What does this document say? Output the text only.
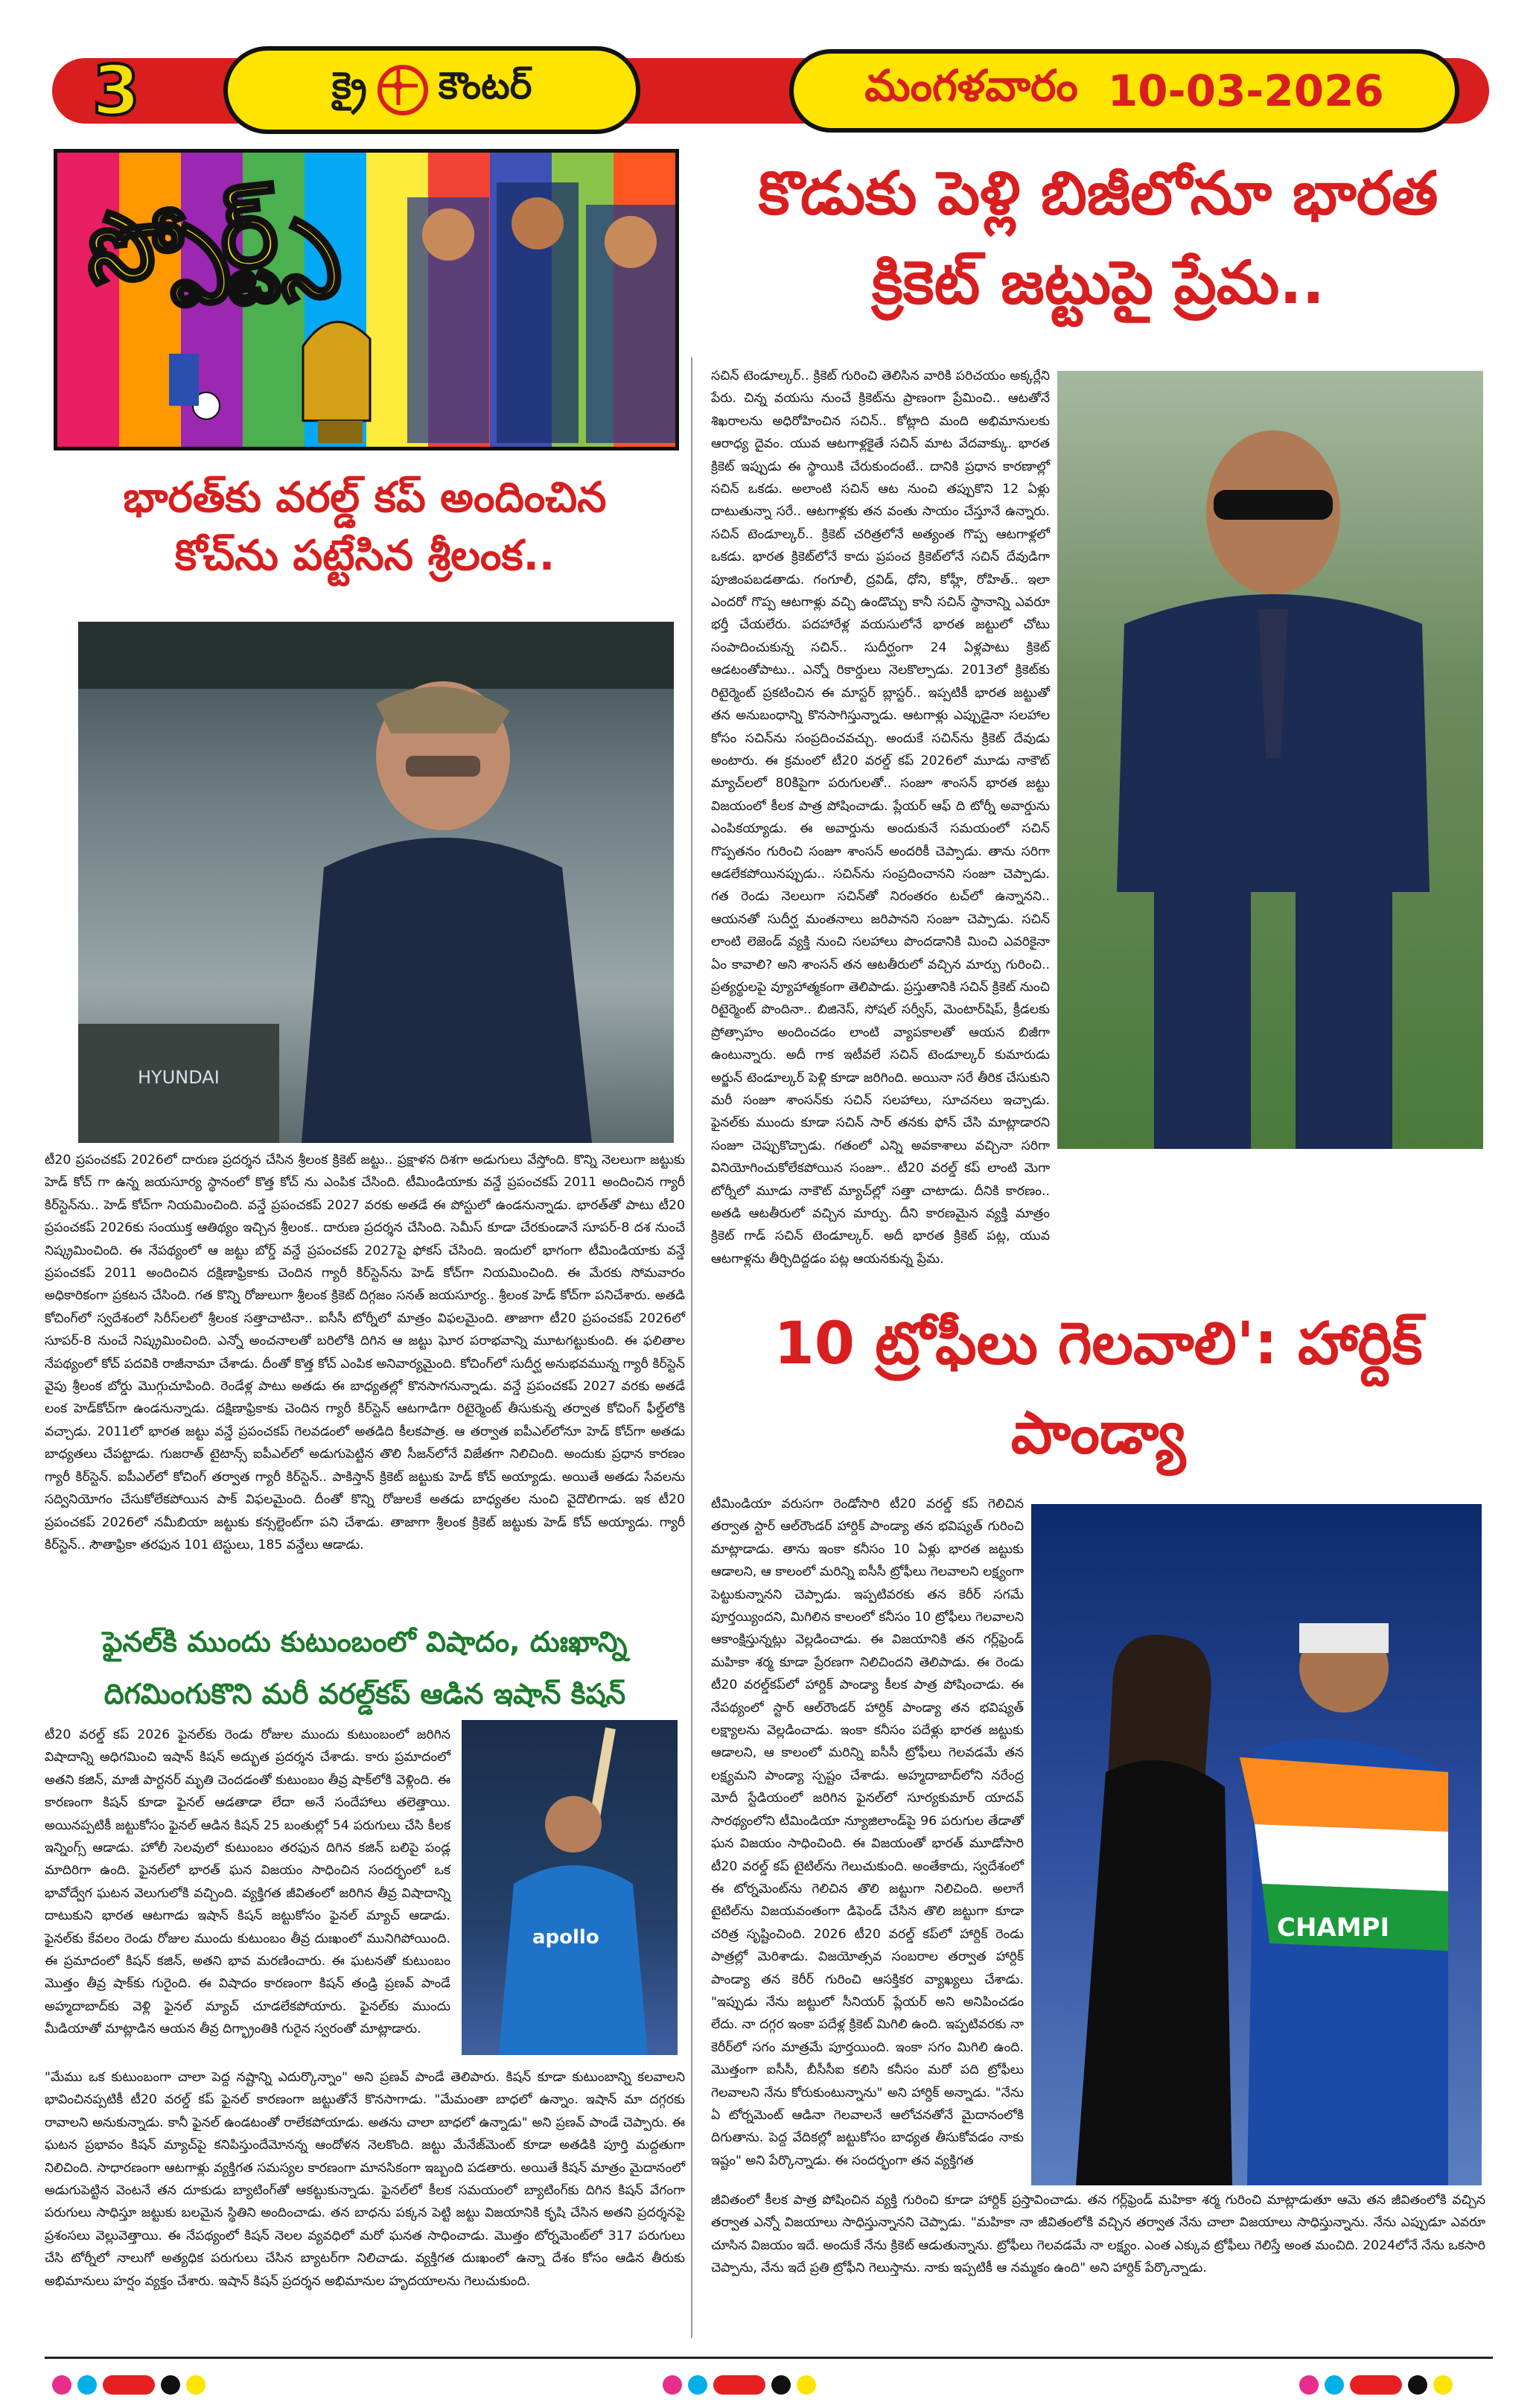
3	క్రై కౌంటర్	మంగళవారం 10-03-2026
స్పోర్ట్స్
భారత్‌కు వరల్డ్ కప్ అందించిన
కోచ్‌ను పట్టేసిన శ్రీలంక..
HYUNDAI

టీ20 ప్రపంచకప్ 2026లో దారుణ ప్రదర్శన చేసిన శ్రీలంక క్రికెట్ జట్టు.. ప్రక్షాళన దిశగా అడుగులు వేస్తోంది. కొన్ని నెలలుగా జట్టుకు హెడ్ కోచ్ గా ఉన్న జయసూర్య స్థానంలో కొత్త కోచ్ ను ఎంపిక చేసింది. టీమిండియాకు వన్డే ప్రపంచకప్ 2011 అందించిన గ్యారీ కిర్‌స్టెన్‌ను.. హెడ్ కోచ్‌గా నియమించింది. వన్డే ప్రపంచకప్ 2027 వరకు అతడే ఈ పోస్టులో ఉండనున్నాడు. భారత్‌తో పాటు టీ20 ప్రపంచకప్ 2026కు సంయుక్త ఆతిథ్యం ఇచ్చిన శ్రీలంక.. దారుణ ప్రదర్శన చేసింది. సెమీస్ కూడా చేరకుండానే సూపర్-8 దశ నుంచే నిష్క్రమించింది. ఈ నేపథ్యంలో ఆ జట్టు బోర్డ్ వన్డే ప్రపంచకప్ 2027పై ఫోకస్ చేసింది. ఇందులో భాగంగా టీమిండియాకు వన్డే ప్రపంచకప్ 2011 అందించిన దక్షిణాఫ్రికాకు చెందిన గ్యారీ కిర్‌స్టెన్‌ను హెడ్ కోచ్‌గా నియమించింది. ఈ మేరకు సోమవారం అధికారికంగా ప్రకటన చేసింది. గత కొన్ని రోజులుగా శ్రీలంక క్రికెట్ దిగ్గజం సనత్ జయసూర్య.. శ్రీలంక హెడ్ కోచ్‌గా పనిచేశారు. అతడి కోచింగ్‌లో స్వదేశంలో సిరీస్‌లలో శ్రీలంక సత్తాచాటినా.. ఐసీసీ టోర్నీలో మాత్రం విఫలమైంది. తాజాగా టీ20 ప్రపంచకప్ 2026లో సూపర్-8 నుంచే నిష్క్రమించింది. ఎన్నో అంచనాలతో బరిలోకి దిగిన ఆ జట్టు ఘోర పరాభవాన్ని మూటగట్టుకుంది. ఈ ఫలితాల నేపథ్యంలో కోచ్ పదవికి రాజీనామా చేశాడు. దీంతో కొత్త కోచ్ ఎంపిక అనివార్యమైంది. కోచింగ్‌లో సుదీర్ఘ అనుభవమున్న గ్యారీ కిర్‌స్టెన్ వైపు శ్రీలంక బోర్డు మొగ్గుచూపింది. రెండేళ్ల పాటు అతడు ఈ బాధ్యతల్లో కొనసాగనున్నాడు. వన్డే ప్రపంచకప్ 2027 వరకు అతడే లంక హెడ్‌కోచ్‌గా ఉండనున్నాడు. దక్షిణాఫ్రికాకు చెందిన గ్యారీ కిర్‌స్టెన్ ఆటగాడిగా రిటైర్మెంట్ తీసుకున్న తర్వాత కోచింగ్ ఫీల్డ్‌లోకి వచ్చాడు. 2011లో భారత జట్టు వన్డే ప్రపంచకప్ గెలవడంలో అతడిది కీలకపాత్ర. ఆ తర్వాత ఐపీఎల్‌లోనూ హెడ్ కోచ్‌గా అతడు బాధ్యతలు చేపట్టాడు. గుజరాత్ టైటాన్స్ ఐపీఎల్‌లో అడుగుపెట్టిన తొలి సీజన్‌లోనే విజేతగా నిలిచింది. అందుకు ప్రధాన కారణం గ్యారీ కిర్‌స్టెన్. ఐపీఎల్‌లో కోచింగ్ తర్వాత గ్యారీ కిర్‌స్టెన్.. పాకిస్తాన్ క్రికెట్ జట్టుకు హెడ్ కోచ్ అయ్యాడు. అయితే అతడు సేవలను సద్వినియోగం చేసుకోలేకపోయిన పాక్ విఫలమైంది. దీంతో కొన్ని రోజులకే అతడు బాధ్యతల నుంచి వైదొలిగాడు. ఇక టీ20 ప్రపంచకప్ 2026లో నమీబియా జట్టుకు కన్సల్టెంట్‌గా పని చేశాడు. తాజాగా శ్రీలంక క్రికెట్ జట్టుకు హెడ్ కోచ్ అయ్యాడు. గ్యారీ కిర్‌స్టెన్.. సౌతాఫ్రికా తరఫున 101 టెస్టులు, 185 వన్డేలు ఆడాడు.

ఫైనల్‌కి ముందు కుటుంబంలో విషాదం, దుఃఖాన్ని
దిగమింగుకొని మరీ వరల్డ్‌కప్ ఆడిన ఇషాన్ కిషన్
apollo

టీ20 వరల్డ్ కప్ 2026 ఫైనల్‌కు రెండు రోజుల ముందు కుటుంబంలో జరిగిన విషాదాన్ని అధిగమించి ఇషాన్ కిషన్ అద్భుత ప్రదర్శన చేశాడు. కారు ప్రమాదంలో అతని కజిన్, మాజీ పార్టనర్ మృతి చెందడంతో కుటుంబం తీవ్ర షాక్‌లోకి వెళ్లింది. ఈ కారణంగా కిషన్ కూడా ఫైనల్ ఆడతాడా లేదా అనే సందేహాలు తలెత్తాయి. అయినప్పటికీ జట్టుకోసం ఫైనల్ ఆడిన కిషన్ 25 బంతుల్లో 54 పరుగులు చేసి కీలక ఇన్నింగ్స్ ఆడాడు. హోలీ సెలవులో కుటుంబం తరఫున దిగిన కజిన్ బలిపై పండ్ల మాదిరిగా ఉంది. ఫైనల్‌లో భారత్ ఘన విజయం సాధించిన సందర్భంలో ఒక భావోద్వేగ ఘటన వెలుగులోకి వచ్చింది. వ్యక్తిగత జీవితంలో జరిగిన తీవ్ర విషాదాన్ని దాటుకుని భారత ఆటగాడు ఇషాన్ కిషన్ జట్టుకోసం ఫైనల్ మ్యాచ్ ఆడాడు. ఫైనల్‌కు కేవలం రెండు రోజుల ముందు కుటుంబం తీవ్ర దుఃఖంలో మునిగిపోయింది. ఈ ప్రమాదంలో కిషన్ కజిన్, అతని భావ మరణించారు. ఈ ఘటనతో కుటుంబం మొత్తం తీవ్ర షాక్‌కు గురైంది. ఈ విషాదం కారణంగా కిషన్ తండ్రి ప్రణవ్ పాండే అహ్మదాబాద్‌కు వెళ్లి ఫైనల్ మ్యాచ్ చూడలేకపోయారు. ఫైనల్‌కు ముందు మీడియాతో మాట్లాడిన ఆయన తీవ్ర దిగ్భ్రాంతికి గురైన స్వరంతో మాట్లాడారు.

"మేము ఒక కుటుంబంగా చాలా పెద్ద నష్టాన్ని ఎదుర్కొన్నాం" అని ప్రణవ్ పాండే తెలిపారు. కిషన్ కూడా కుటుంబాన్ని కలవాలని భావించినప్పటికీ టీ20 వరల్డ్ కప్ ఫైనల్ కారణంగా జట్టుతోనే కొనసాగాడు. "మేమంతా బాధలో ఉన్నాం. ఇషాన్ మా దగ్గరకు రావాలని అనుకున్నాడు. కానీ ఫైనల్ ఉండటంతో రాలేకపోయాడు. అతను చాలా బాధలో ఉన్నాడు" అని ప్రణవ్ పాండే చెప్పారు. ఈ ఘటన ప్రభావం కిషన్ మ్యాచ్‌పై కనిపిస్తుందేమోనన్న ఆందోళన నెలకొంది. జట్టు మేనేజ్‌మెంట్ కూడా అతడికి పూర్తి మద్దతుగా నిలిచింది. సాధారణంగా ఆటగాళ్లు వ్యక్తిగత సమస్యల కారణంగా మానసికంగా ఇబ్బంది పడతారు. అయితే కిషన్ మాత్రం మైదానంలో అడుగుపెట్టిన వెంటనే తన దూకుడు బ్యాటింగ్‌తో ఆకట్టుకున్నాడు. ఫైనల్‌లో కీలక సమయంలో బ్యాటింగ్‌కు దిగిన కిషన్ వేగంగా పరుగులు సాధిస్తూ జట్టుకు బలమైన స్థితిని అందించాడు. తన బాధను పక్కన పెట్టి జట్టు విజయానికి కృషి చేసిన అతని ప్రదర్శనపై ప్రశంసలు వెల్లువెత్తాయి. ఈ నేపథ్యంలో కిషన్ నెలల వ్యవధిలో మరో ఘనత సాధించాడు. మెుత్తం టోర్నమెంట్‌లో 317 పరుగులు చేసి టోర్నీలో నాలుగో అత్యధిక పరుగులు చేసిన బ్యాటర్‌గా నిలిచాడు. వ్యక్తిగత దుఃఖంలో ఉన్నా దేశం కోసం ఆడిన తీరుకు అభిమానులు హర్షం వ్యక్తం చేశారు. ఇషాన్ కిషన్ ప్రదర్శన అభిమానుల హృదయాలను గెలుచుకుంది.

కొడుకు పెళ్లి బిజీలోనూ భారత
క్రికెట్ జట్టుపై ప్రేమ..

సచిన్ టెండూల్కర్.. క్రికెట్ గురించి తెలిసిన వారికి పరిచయం అక్కర్లేని పేరు. చిన్న వయసు నుంచే క్రికెట్‌ను ప్రాణంగా ప్రేమించి.. ఆటతోనే శిఖరాలను అధిరోహించిన సచిన్.. కోట్లాది మంది అభిమానులకు ఆరాధ్య దైవం. యువ ఆటగాళ్లకైతే సచిన్ మాట వేదవాక్కు. భారత క్రికెట్ ఇప్పుడు ఈ స్థాయికి చేరుకుందంటే.. దానికి ప్రధాన కారణాల్లో సచిన్ ఒకడు. అలాంటి సచిన్ ఆట నుంచి తప్పుకొని 12 ఏళ్లు దాటుతున్నా సరే.. ఆటగాళ్లకు తన వంతు సాయం చేస్తూనే ఉన్నారు. సచిన్ టెండూల్కర్.. క్రికెట్ చరిత్రలోనే అత్యంత గొప్ప ఆటగాళ్లలో ఒకడు. భారత క్రికెట్‌లోనే కాదు ప్రపంచ క్రికెట్‌లోనే సచిన్ దేవుడిగా పూజింపబడతాడు. గంగూలీ, ద్రవిడ్, ధోని, కోహ్లీ, రోహిత్.. ఇలా ఎందరో గొప్ప ఆటగాళ్లు వచ్చి ఉండొచ్చు కానీ సచిన్ స్థానాన్ని ఎవరూ భర్తీ చేయలేరు. పదహారేళ్ల వయసులోనే భారత జట్టులో చోటు సంపాదించుకున్న సచిన్.. సుదీర్ఘంగా 24 ఏళ్లపాటు క్రికెట్ ఆడటంతోపాటు.. ఎన్నో రికార్డులు నెలకొల్పాడు. 2013లో క్రికెట్‌కు రిటైర్మెంట్ ప్రకటించిన ఈ మాస్టర్ బ్లాస్టర్.. ఇప్పటికీ భారత జట్టుతో తన అనుబంధాన్ని కొనసాగిస్తున్నాడు. ఆటగాళ్లు ఎప్పుడైనా సలహాల కోసం సచిన్‌ను సంప్రదించవచ్చు. అందుకే సచిన్‌ను క్రికెట్ దేవుడు అంటారు. ఈ క్రమంలో టీ20 వరల్డ్ కప్ 2026లో మూడు నాకౌట్ మ్యాచ్‌లలో 80కిపైగా పరుగులతో.. సంజూ శాంసన్ భారత జట్టు విజయంలో కీలక పాత్ర పోషించాడు. ప్లేయర్ ఆఫ్ ది టోర్నీ అవార్డును ఎంపికయ్యాడు. ఈ అవార్డును అందుకునే సమయంలో సచిన్ గొప్పతనం గురించి సంజూ శాంసన్ అందరికీ చెప్పాడు. తాను సరిగా ఆడలేకపోయినప్పుడు.. సచిన్‌ను సంప్రదించానని సంజూ చెప్పాడు. గత రెండు నెలలుగా సచిన్‌తో నిరంతరం టచ్‌లో ఉన్నానని.. ఆయనతో సుదీర్ఘ మంతనాలు జరిపానని సంజూ చెప్పాడు. సచిన్ లాంటి లెజెండ్ వ్యక్తి నుంచి సలహాలు పొందడానికి మించి ఎవరికైనా ఏం కావాలి? అని శాంసన్ తన ఆటతీరులో వచ్చిన మార్పు గురించి.. ప్రత్యర్థులపై వ్యూహాత్మకంగా తెలిపాడు. ప్రస్తుతానికి సచిన్ క్రికెట్ నుంచి రిటైర్మెంట్ పొందినా.. బిజినెస్, సోషల్ సర్వీస్, మెంటార్‌షిప్, క్రీడలకు ప్రోత్సాహం అందించడం లాంటి వ్యాపకాలతో ఆయన బిజీగా ఉంటున్నారు. అదీ గాక ఇటీవలే సచిన్ టెండూల్కర్ కుమారుడు అర్జున్ టెండూల్కర్ పెళ్లి కూడా జరిగింది. అయినా సరే తీరిక చేసుకుని మరీ సంజూ శాంసన్‌కు సచిన్ సలహాలు, సూచనలు ఇచ్చాడు. ఫైనల్‌కు ముందు కూడా సచిన్ సార్ తనకు ఫోన్ చేసి మాట్లాడారని సంజూ చెప్పుకొచ్చాడు. గతంలో ఎన్ని అవకాశాలు వచ్చినా సరిగా వినియోగించుకోలేకపోయిన సంజూ.. టీ20 వరల్డ్ కప్ లాంటి మెగా టోర్నీలో మూడు నాకౌట్ మ్యాచ్‌ల్లో సత్తా చాటాడు. దీనికి కారణం.. అతడి ఆటతీరులో వచ్చిన మార్పు. దీని కారణమైన వ్యక్తి మాత్రం క్రికెట్ గాడ్ సచిన్ టెండూల్కర్. అదీ భారత క్రికెట్ పట్ల, యువ ఆటగాళ్లను తీర్చిదిద్దడం పట్ల ఆయనకున్న ప్రేమ.

10 ట్రోఫీలు గెలవాలి': హార్దిక్
పాండ్యా

టీమిండియా వరుసగా రెండోసారి టీ20 వరల్డ్ కప్ గెలిచిన తర్వాత స్టార్ ఆల్‌రౌండర్ హార్దిక్ పాండ్యా తన భవిష్యత్ గురించి మాట్లాడాడు. తాను ఇంకా కనీసం 10 ఏళ్లు భారత జట్టుకు ఆడాలని, ఆ కాలంలో మరిన్ని ఐసీసీ ట్రోఫీలు గెలవాలని లక్ష్యంగా పెట్టుకున్నానని చెప్పాడు. ఇప్పటివరకు తన కెరీర్ సగమే పూర్తయ్యిందని, మిగిలిన కాలంలో కనీసం 10 ట్రోఫీలు గెలవాలని ఆకాంక్షిస్తున్నట్లు వెల్లడించాడు. ఈ విజయానికి తన గర్ల్‌ఫ్రెండ్ మహికా శర్మ కూడా ప్రేరణగా నిలిచిందని తెలిపాడు. ఈ రెండు టీ20 వరల్డ్‌కప్‌లో హార్దిక్ పాండ్యా కీలక పాత్ర పోషించాడు. ఈ నేపథ్యంలో స్టార్ ఆల్‌రౌండర్ హార్దిక్ పాండ్యా తన భవిష్యత్ లక్ష్యాలను వెల్లడించాడు. ఇంకా కనీసం పదేళ్లు భారత జట్టుకు ఆడాలని, ఆ కాలంలో మరిన్ని ఐసీసీ ట్రోఫీలు గెలవడమే తన లక్ష్యమని పాండ్యా స్పష్టం చేశాడు. అహ్మదాబాద్‌లోని నరేంద్ర మోదీ స్టేడియంలో జరిగిన ఫైనల్‌లో సూర్యకుమార్ యాదవ్ సారథ్యంలోని టీమిండియా న్యూజిలాండ్‌పై 96 పరుగుల తేడాతో ఘన విజయం సాధించింది. ఈ విజయంతో భారత్ మూడోసారి టీ20 వరల్డ్ కప్ టైటిల్‌ను గెలుచుకుంది. అంతేకాదు, స్వదేశంలో ఈ టోర్నమెంట్‌ను గెలిచిన తొలి జట్టుగా నిలిచింది. అలాగే టైటిల్‌ను విజయవంతంగా డిఫెండ్ చేసిన తొలి జట్టుగా కూడా చరిత్ర సృష్టించింది. 2026 టీ20 వరల్డ్ కప్‌లో హార్దిక్ రెండు పాత్రల్లో మెరిశాడు. విజయోత్సవ సంబరాల తర్వాత హార్దిక్ పాండ్యా తన కెరీర్ గురించి ఆసక్తికర వ్యాఖ్యలు చేశాడు. "ఇప్పుడు నేను జట్టులో సీనియర్ ప్లేయర్ అని అనిపించడం లేదు. నా దగ్గర ఇంకా పదేళ్ల క్రికెట్ మిగిలి ఉంది. ఇప్పటివరకు నా కెరీర్‌లో సగం మాత్రమే పూర్తయింది. ఇంకా సగం మిగిలి ఉంది. మొత్తంగా ఐసీసీ, బీసీసీఐ కలిసి కనీసం మరో పది ట్రోఫీలు గెలవాలని నేను కోరుకుంటున్నాను" అని హార్దిక్ అన్నాడు. "నేను ఏ టోర్నమెంట్ ఆడినా గెలవాలనే ఆలోచనతోనే మైదానంలోకి దిగుతాను. పెద్ద వేదికల్లో జట్టుకోసం బాధ్యత తీసుకోవడం నాకు ఇష్టం" అని పేర్కొన్నాడు. ఈ సందర్భంగా తన వ్యక్తిగత

CHAMPI

జీవితంలో కీలక పాత్ర పోషించిన వ్యక్తి గురించి కూడా హార్దిక్ ప్రస్తావించాడు. తన గర్ల్‌ఫ్రెండ్ మహికా శర్మ గురించి మాట్లాడుతూ ఆమె తన జీవితంలోకి వచ్చిన తర్వాత ఎన్నో విజయాలు సాధిస్తున్నానని చెప్పాడు. "మహికా నా జీవితంలోకి వచ్చిన తర్వాత నేను చాలా విజయాలు సాధిస్తున్నాను. నేను ఎప్పుడూ ఎవరూ చూసిన విజయం ఇదే. అందుకే నేను క్రికెట్ ఆడుతున్నాను. ట్రోఫీలు గెలవడమే నా లక్ష్యం. ఎంత ఎక్కువ ట్రోఫీలు గెలిస్తే అంత మంచిది. 2024లోనే నేను ఒకసారి చెప్పాను, నేను ఇదే ప్రతి ట్రోఫీని గెలుస్తాను. నాకు ఇప్పటికీ ఆ నమ్మకం ఉంది" అని హార్దిక్ పేర్కొన్నాడు.
